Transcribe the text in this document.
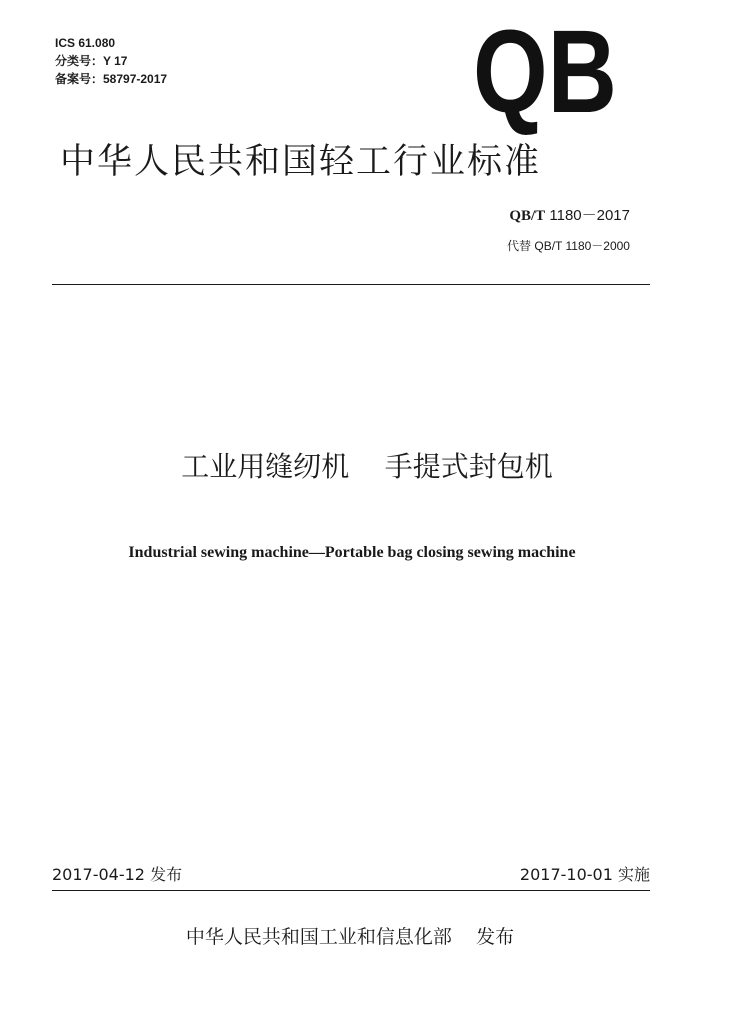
ICS 61.080
分类号：Y 17
备案号：58797-2017	QB
中华人民共和国轻工行业标准
QB/T 1180－2017
代替 QB/T 1180－2000
工业用缝纫机    手提式封包机
Industrial sewing machine—Portable bag closing sewing machine
2017-04-12 发布	2017-10-01 实施
中华人民共和国工业和信息化部    发布
